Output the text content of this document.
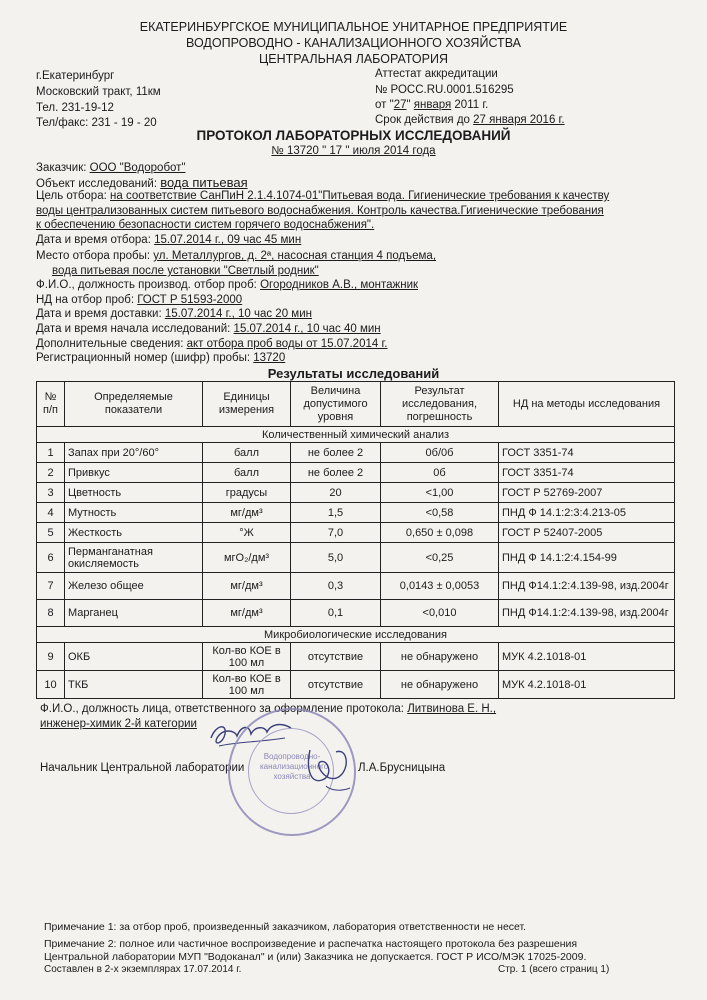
ЕКАТЕРИНБУРГСКОЕ МУНИЦИПАЛЬНОЕ УНИТАРНОЕ ПРЕДПРИЯТИЕ
ВОДОПРОВОДНО - КАНАЛИЗАЦИОННОГО ХОЗЯЙСТВА
ЦЕНТРАЛЬНАЯ ЛАБОРАТОРИЯ
г.Екатеринбург
Московский тракт, 11км
Тел. 231-19-12
Тел/факс: 231 - 19 - 20
Аттестат аккредитации
№ РОСС.RU.0001.516295
от "27" января 2011 г.
Срок действия до 27 января 2016 г.
ПРОТОКОЛ ЛАБОРАТОРНЫХ ИССЛЕДОВАНИЙ
№ 13720 " 17 " июля 2014 года
Заказчик: ООО "Водоробот"
Объект исследований: вода питьевая
Цель отбора: на соответствие СанПиН 2.1.4.1074-01"Питьевая вода. Гигиенические требования к качеству
воды централизованных систем питьевого водоснабжения. Контроль качества.Гигиенические требования
к обеспечению безопасности систем горячего водоснабжения".
Дата и время отбора: 15.07.2014 г., 09 час 45 мин
Место отбора пробы: ул. Металлургов, д. 2ª, насосная станция 4 подъема,
вода питьевая после установки "Светлый родник"
Ф.И.О., должность производ. отбор проб: Огородников А.В., монтажник
НД на отбор проб: ГОСТ Р 51593-2000
Дата и время доставки: 15.07.2014 г., 10 час 20 мин
Дата и время начала исследований: 15.07.2014 г., 10 час 40 мин
Дополнительные сведения: акт отбора проб воды от 15.07.2014 г.
Регистрационный номер (шифр) пробы: 13720
Результаты исследований
№ п/п	Определяемые показатели	Единицы измерения	Величина допустимого уровня	Результат исследования, погрешность	НД на методы исследования
Количественный химический анализ					
1	Запах при 20°/60°	балл	не более 2	0б/0б	ГОСТ 3351-74
2	Привкус	балл	не более 2	0б	ГОСТ 3351-74
3	Цветность	градусы	20	<1,00	ГОСТ Р 52769-2007
4	Мутность	мг/дм³	1,5	<0,58	ПНД Ф 14.1:2:3:4.213-05
5	Жесткость	°Ж	7,0	0,650 ± 0,098	ГОСТ Р 52407-2005
6	Перманганатная окисляемость	мгО₂/дм³	5,0	<0,25	ПНД Ф 14.1:2:4.154-99
7	Железо общее	мг/дм³	0,3	0,0143 ± 0,0053	ПНД Ф14.1:2:4.139-98, изд.2004г
8	Марганец	мг/дм³	0,1	<0,010	ПНД Ф14.1:2:4.139-98, изд.2004г
Микробиологические исследования					
9	ОКБ	Кол-во КОЕ в 100 мл	отсутствие	не обнаружено	МУК 4.2.1018-01
10	ТКБ	Кол-во КОЕ в 100 мл	отсутствие	не обнаружено	МУК 4.2.1018-01
Ф.И.О., должность лица, ответственного за оформление протокола: Литвинова Е. Н.,
инженер-химик 2-й категории
Начальник Центральной лаборатории	Л.А.Брусницына
Водопроводно-канализационного хозяйства
Примечание 1: за отбор проб, произведенный заказчиком, лаборатория ответственности не несет.
Примечание 2: полное или частичное воспроизведение и распечатка настоящего протокола без разрешения
Центральной лаборатории МУП "Водоканал" и (или) Заказчика не допускается. ГОСТ Р ИСО/МЭК 17025-2009.
Составлен в 2-х экземплярах 17.07.2014 г.	Стр. 1 (всего страниц 1)
